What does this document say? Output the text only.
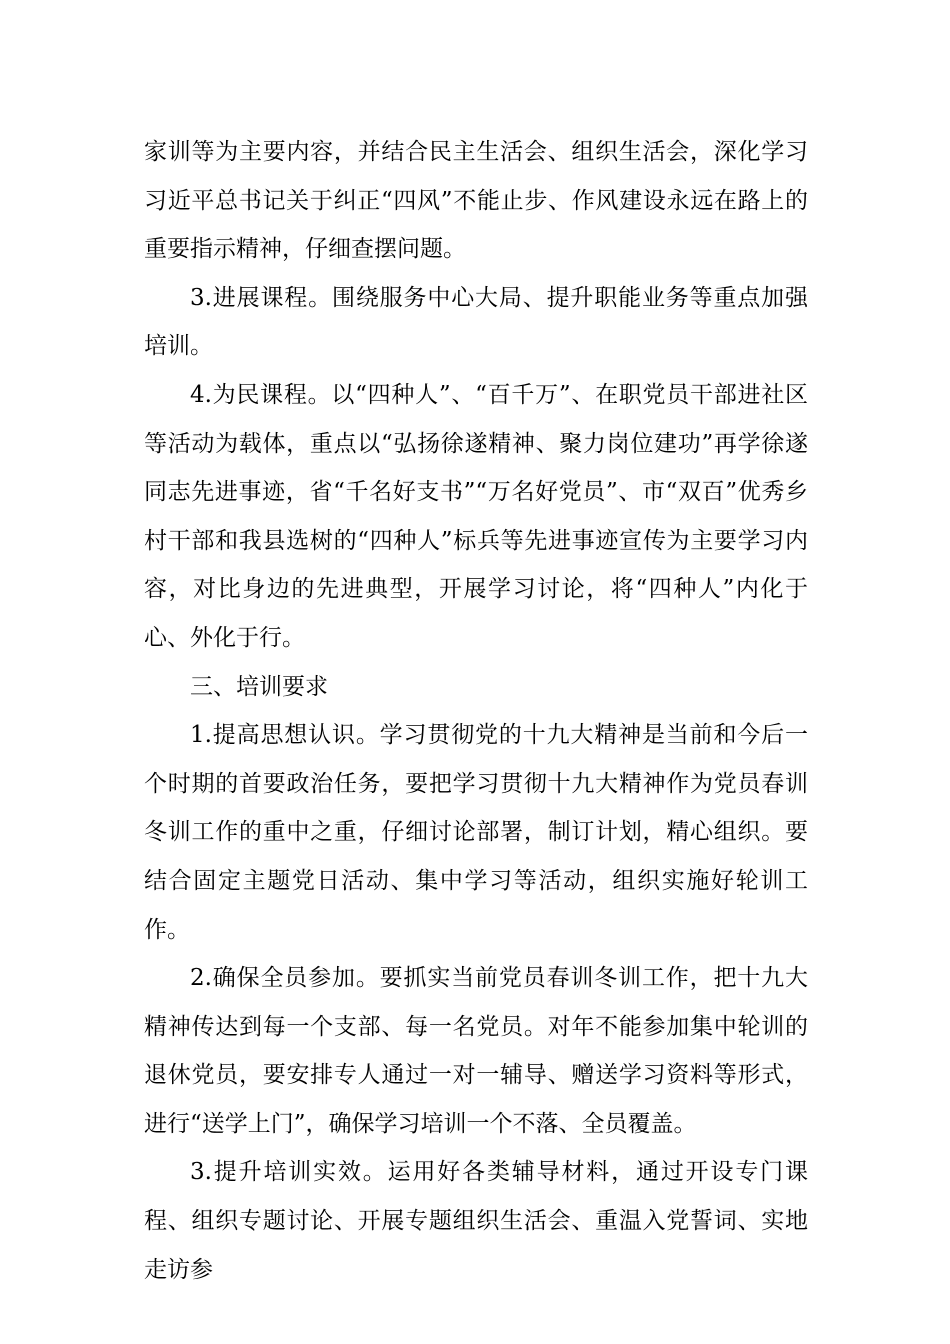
家训等为主要内容，并结合民主生活会、组织生活会，深化学习习近平总书记关于纠正“四风”不能止步、作风建设永远在路上的重要指示精神，仔细查摆问题。

3.进展课程。围绕服务中心大局、提升职能业务等重点加强培训。

4.为民课程。以“四种人”、“百千万”、在职党员干部进社区等活动为载体，重点以“弘扬徐遂精神、聚力岗位建功”再学徐遂同志先进事迹，省“千名好支书”“万名好党员”、市“双百”优秀乡村干部和我县选树的“四种人”标兵等先进事迹宣传为主要学习内容，对比身边的先进典型，开展学习讨论，将“四种人”内化于心、外化于行。

三、培训要求

1.提高思想认识。学习贯彻党的十九大精神是当前和今后一个时期的首要政治任务，要把学习贯彻十九大精神作为党员春训冬训工作的重中之重，仔细讨论部署，制订计划，精心组织。要结合固定主题党日活动、集中学习等活动，组织实施好轮训工作。

2.确保全员参加。要抓实当前党员春训冬训工作，把十九大精神传达到每一个支部、每一名党员。对年不能参加集中轮训的退休党员，要安排专人通过一对一辅导、赠送学习资料等形式，进行“送学上门”，确保学习培训一个不落、全员覆盖。

3.提升培训实效。运用好各类辅导材料，通过开设专门课程、组织专题讨论、开展专题组织生活会、重温入党誓词、实地走访参
